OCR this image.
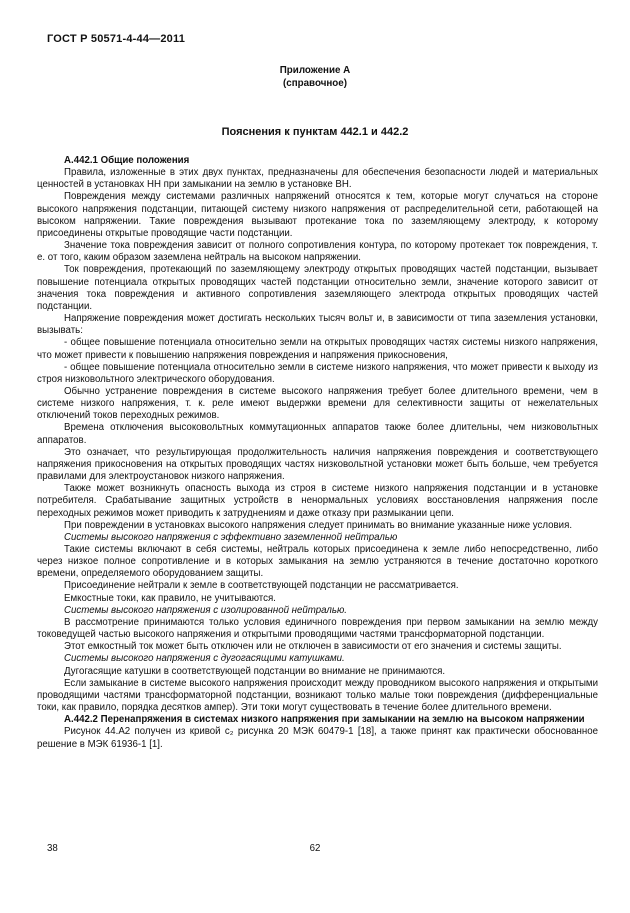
ГОСТ Р 50571-4-44—2011
Приложение А
(справочное)
Пояснения к пунктам 442.1 и 442.2

А.442.1 Общие положения

Правила, изложенные в этих двух пунктах, предназначены для обеспечения безопасности людей и материальных ценностей в установках НН при замыкании на землю в установке ВН.

Повреждения между системами различных напряжений относятся к тем, которые могут случаться на стороне высокого напряжения подстанции, питающей систему низкого напряжения от распределительной сети, работающей на высоком напряжении. Такие повреждения вызывают протекание тока по заземляющему электроду, к которому присоединены открытые проводящие части подстанции.

Значение тока повреждения зависит от полного сопротивления контура, по которому протекает ток повреждения, т. е. от того, каким образом заземлена нейтраль на высоком напряжении.

Ток повреждения, протекающий по заземляющему электроду открытых проводящих частей подстанции, вызывает повышение потенциала открытых проводящих частей подстанции относительно земли, значение которого зависит от значения тока повреждения и активного сопротивления заземляющего электрода открытых проводящих частей подстанции.

Напряжение повреждения может достигать нескольких тысяч вольт и, в зависимости от типа заземления установки, вызывать:

- общее повышение потенциала относительно земли на открытых проводящих частях системы низкого напряжения, что может привести к повышению напряжения повреждения и напряжения прикосновения,

- общее повышение потенциала относительно земли в системе низкого напряжения, что может привести к выходу из строя низковольтного электрического оборудования.

Обычно устранение повреждения в системе высокого напряжения требует более длительного времени, чем в системе низкого напряжения, т. к. реле имеют выдержки времени для селективности защиты от нежелательных отключений токов переходных режимов.

Времена отключения высоковольтных коммутационных аппаратов также более длительны, чем низковольтных аппаратов.

Это означает, что результирующая продолжительность наличия напряжения повреждения и соответствующего напряжения прикосновения на открытых проводящих частях низковольтной установки может быть больше, чем требуется правилами для электроустановок низкого напряжения.

Также может возникнуть опасность выхода из строя в системе низкого напряжения подстанции и в установке потребителя. Срабатывание защитных устройств в ненормальных условиях восстановления напряжения после переходных режимов может приводить к затруднениям и даже отказу при размыкании цепи.

При повреждении в установках высокого напряжения следует принимать во внимание указанные ниже условия.

Системы высокого напряжения с эффективно заземленной нейтралью

Такие системы включают в себя системы, нейтраль которых присоединена к земле либо непосредственно, либо через низкое полное сопротивление и в которых замыкания на землю устраняются в течение достаточно короткого времени, определяемого оборудованием защиты.

Присоединение нейтрали к земле в соответствующей подстанции не рассматривается.

Емкостные токи, как правило, не учитываются.

Системы высокого напряжения с изолированной нейтралью.

В рассмотрение принимаются только условия единичного повреждения при первом замыкании на землю между токоведущей частью высокого напряжения и открытыми проводящими частями трансформаторной подстанции.

Этот емкостный ток может быть отключен или не отключен в зависимости от его значения и системы защиты.

Системы высокого напряжения с дугогасящими катушками.

Дугогасящие катушки в соответствующей подстанции во внимание не принимаются.

Если замыкание в системе высокого напряжения происходит между проводником высокого напряжения и открытыми проводящими частями трансформаторной подстанции, возникают только малые токи повреждения (дифференциальные токи, как правило, порядка десятков ампер). Эти токи могут существовать в течение более длительного времени.

А.442.2 Перенапряжения в системах низкого напряжения при замыкании на землю на высоком напряжении

Рисунок 44.А2 получен из кривой c₂ рисунка 20 МЭК 60479-1 [18], а также принят как практически обоснованное решение в МЭК 61936-1 [1].

38	62
